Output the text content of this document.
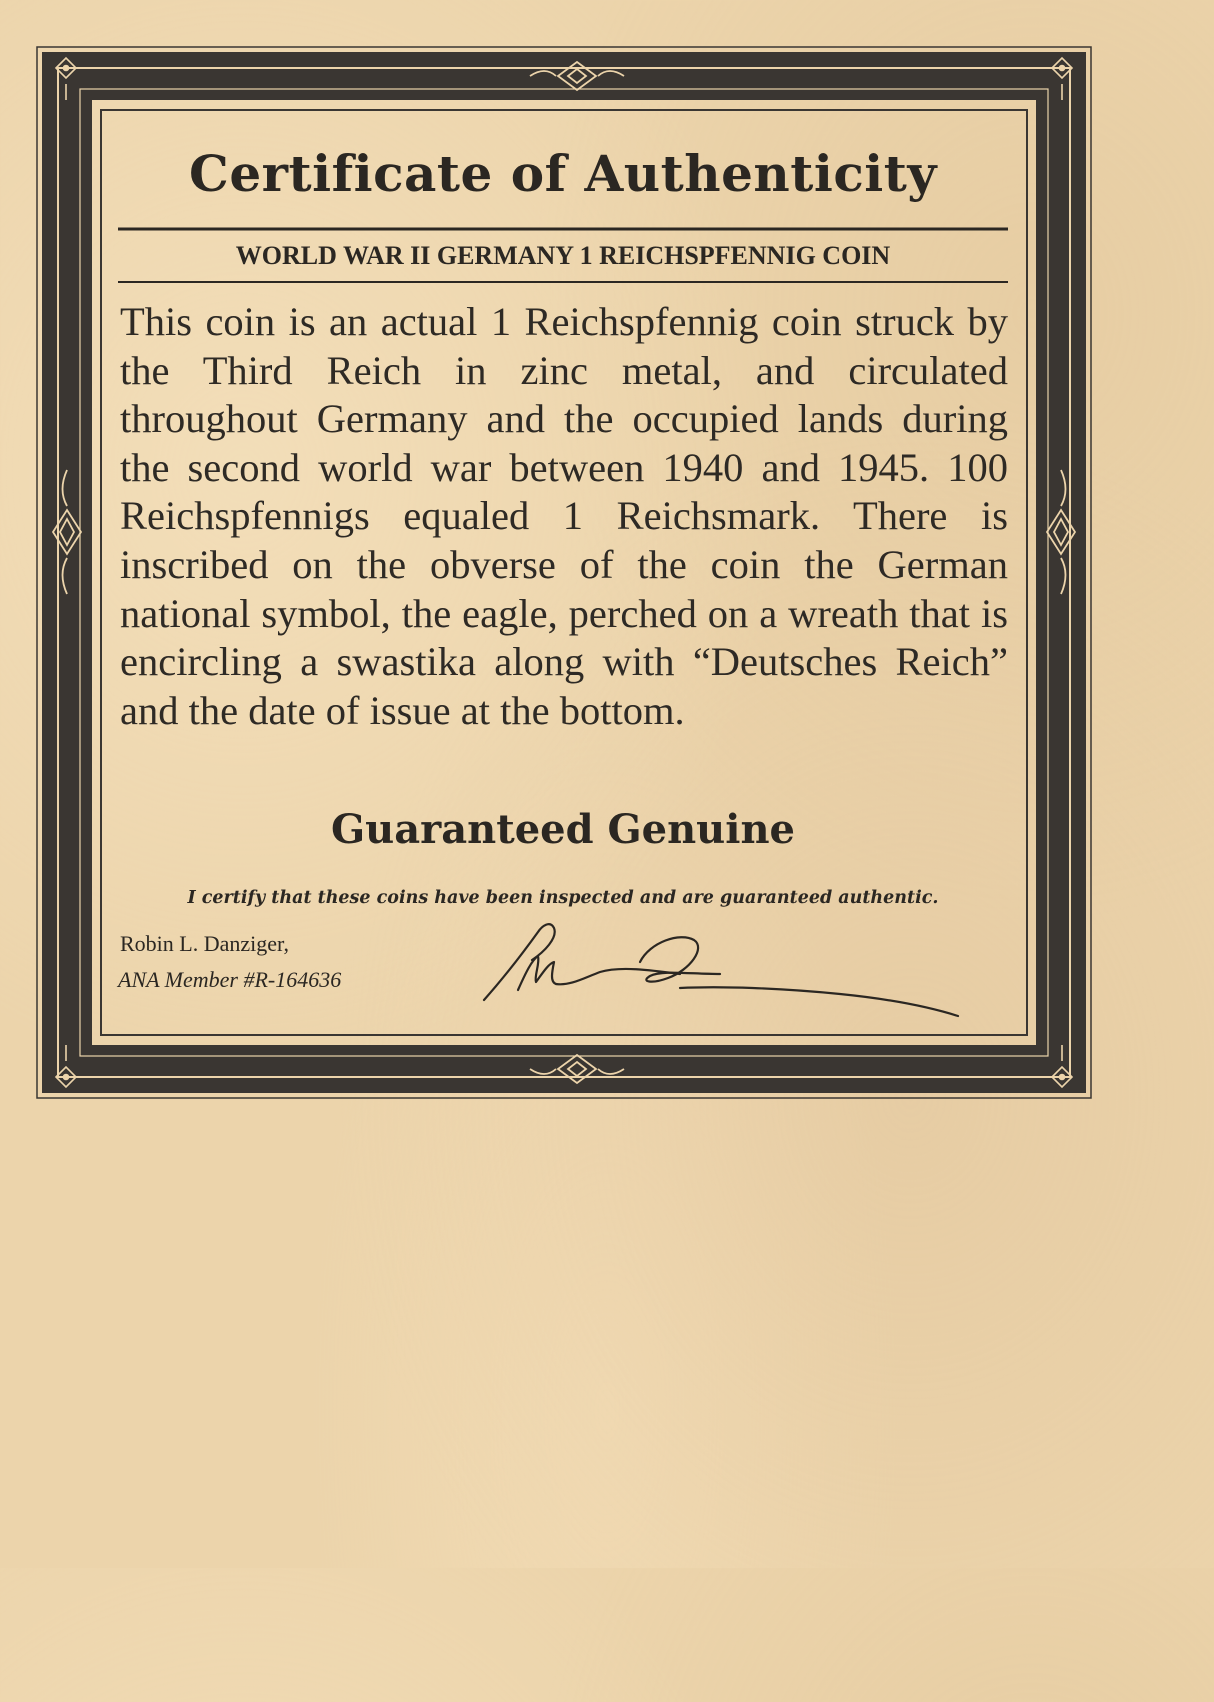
Certificate of Authenticity
WORLD WAR II GERMANY 1 REICHSPFENNIG COIN
This coin is an actual 1 Reichspfennig coin struck by the Third Reich in zinc metal, and circulated throughout Germany and the occupied lands during the second world war between 1940 and 1945. 100 Reichspfennigs equaled 1 Reichsmark. There is inscribed on the obverse of the coin the German national symbol, the eagle, perched on a wreath that is encircling a swastika along with “Deutsches Reich” and the date of issue at the bottom.
Guaranteed Genuine
I certify that these coins have been inspected and are guaranteed authentic.
Robin L. Danziger,
ANA Member #R-164636
